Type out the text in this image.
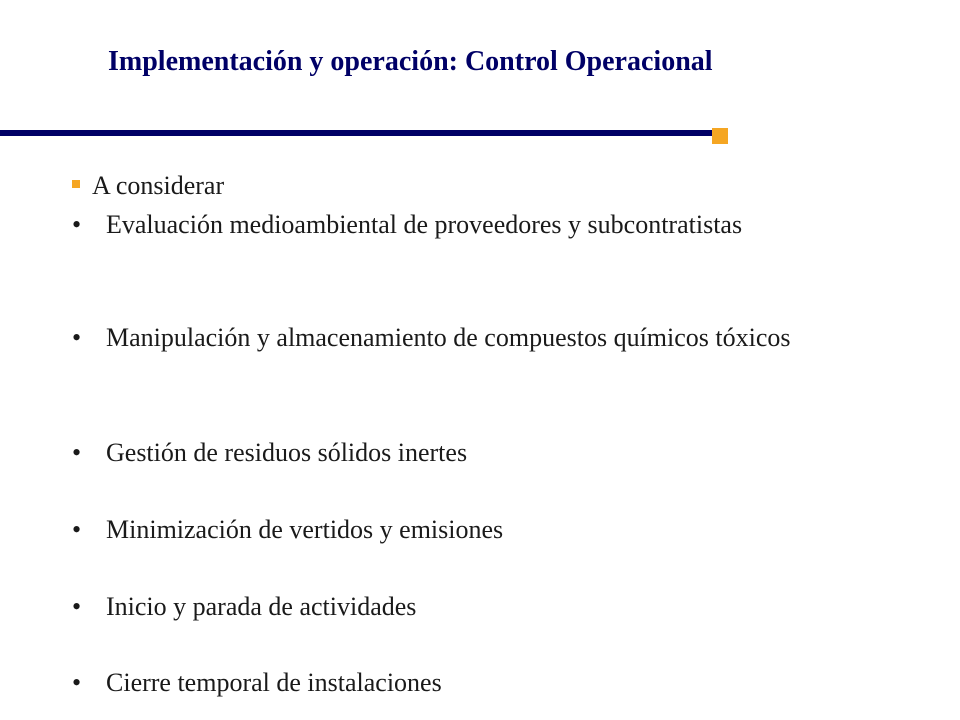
Implementación y operación: Control Operacional
A considerar
• Evaluación medioambiental de proveedores y subcontratistas
• Manipulación y almacenamiento de compuestos químicos tóxicos
• Gestión de residuos sólidos inertes
• Minimización de vertidos y emisiones
• Inicio y parada de actividades
• Cierre temporal de instalaciones
